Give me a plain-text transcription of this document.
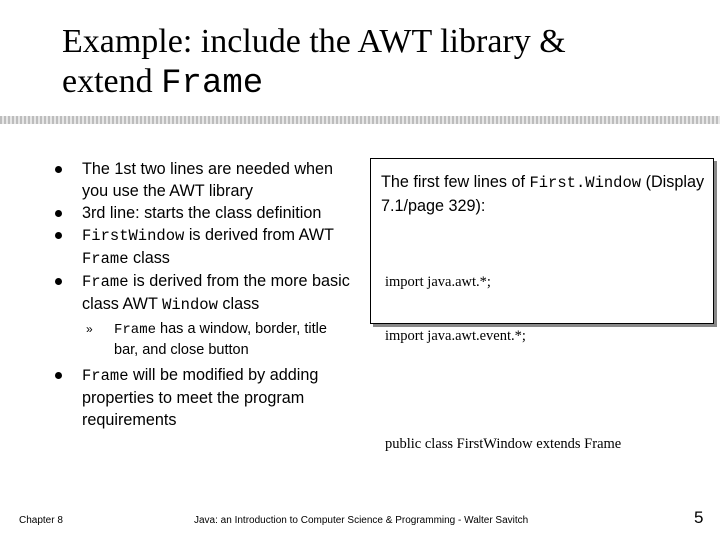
Example: include the AWT library &
extend Frame
The 1st two lines are needed when you use the AWT library
3rd line: starts the class definition
FirstWindow is derived from AWT Frame class
Frame is derived from the more basic class AWT Window class
» Frame has a window, border, title bar, and close button
Frame will be modified by adding properties to meet the program requirements
The first few lines of First.Window (Display 7.1/page 329):

import java.awt.*;

import java.awt.event.*;

public class FirstWindow extends Frame

Chapter 8	Java: an Introduction to Computer Science & Programming - Walter Savitch	5
